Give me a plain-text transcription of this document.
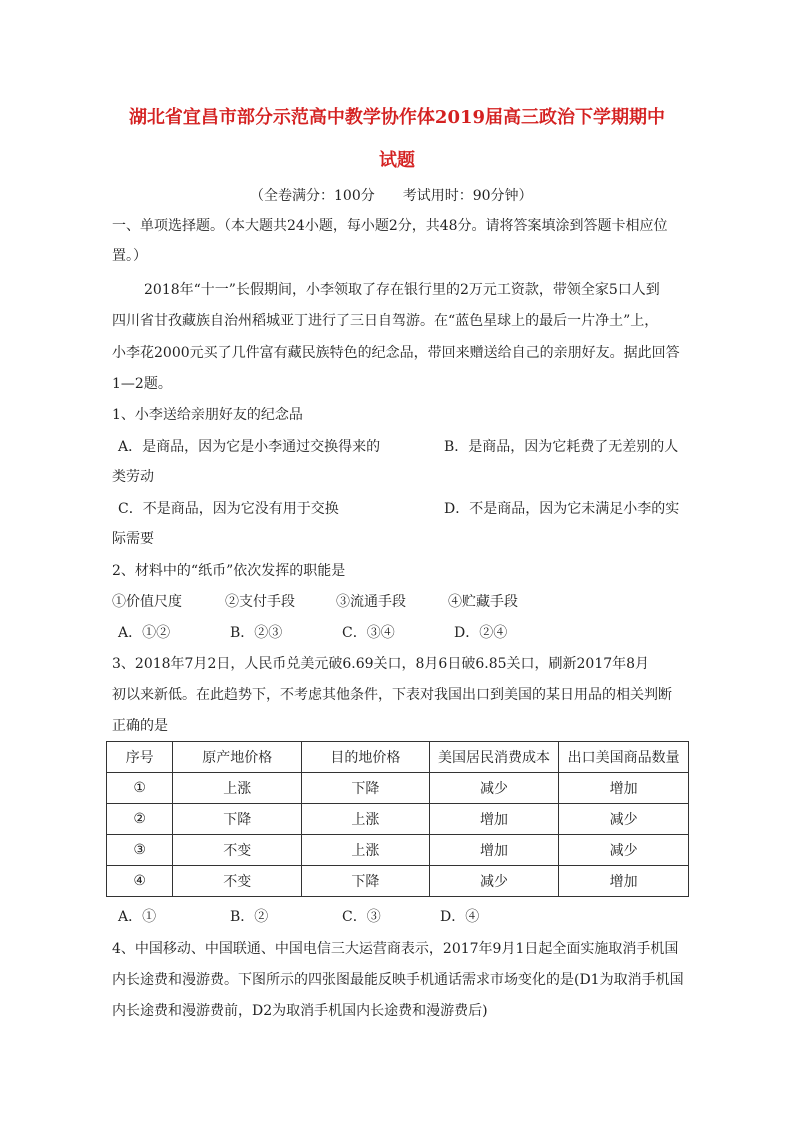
湖北省宜昌市部分示范高中教学协作体2019届高三政治下学期期中
试题
（全卷满分：100分　　考试用时：90分钟）
一、单项选择题。（本大题共24小题，每小题2分，共48分。请将答案填涂到答题卡相应位
置。）
2018年“十一”长假期间，小李领取了存在银行里的2万元工资款，带领全家5口人到
四川省甘孜藏族自治州稻城亚丁进行了三日自驾游。在“蓝色星球上的最后一片净土”上，
小李花2000元买了几件富有藏民族特色的纪念品，带回来赠送给自己的亲朋好友。据此回答
1—2题。
1、小李送给亲朋好友的纪念品
A．是商品，因为它是小李通过交换得来的	B．是商品，因为它耗费了无差别的人
类劳动
C．不是商品，因为它没有用于交换	D．不是商品，因为它未满足小李的实
际需要
2、材料中的“纸币”依次发挥的职能是
①价值尺度	②支付手段	③流通手段	④贮藏手段
A．①②	B．②③	C．③④	D．②④
3、2018年7月2日，人民币兑美元破6.69关口，8月6日破6.85关口，刷新2017年8月
初以来新低。在此趋势下，不考虑其他条件，下表对我国出口到美国的某日用品的相关判断
正确的是
序号	原产地价格	目的地价格	美国居民消费成本	出口美国商品数量
①	上涨	下降	减少	增加
②	下降	上涨	增加	减少
③	不变	上涨	增加	减少
④	不变	下降	减少	增加
A．①	B．②	C．③	D．④
4、中国移动、中国联通、中国电信三大运营商表示，2017年9月1日起全面实施取消手机国
内长途费和漫游费。下图所示的四张图最能反映手机通话需求市场变化的是(D1为取消手机国
内长途费和漫游费前，D2为取消手机国内长途费和漫游费后)
